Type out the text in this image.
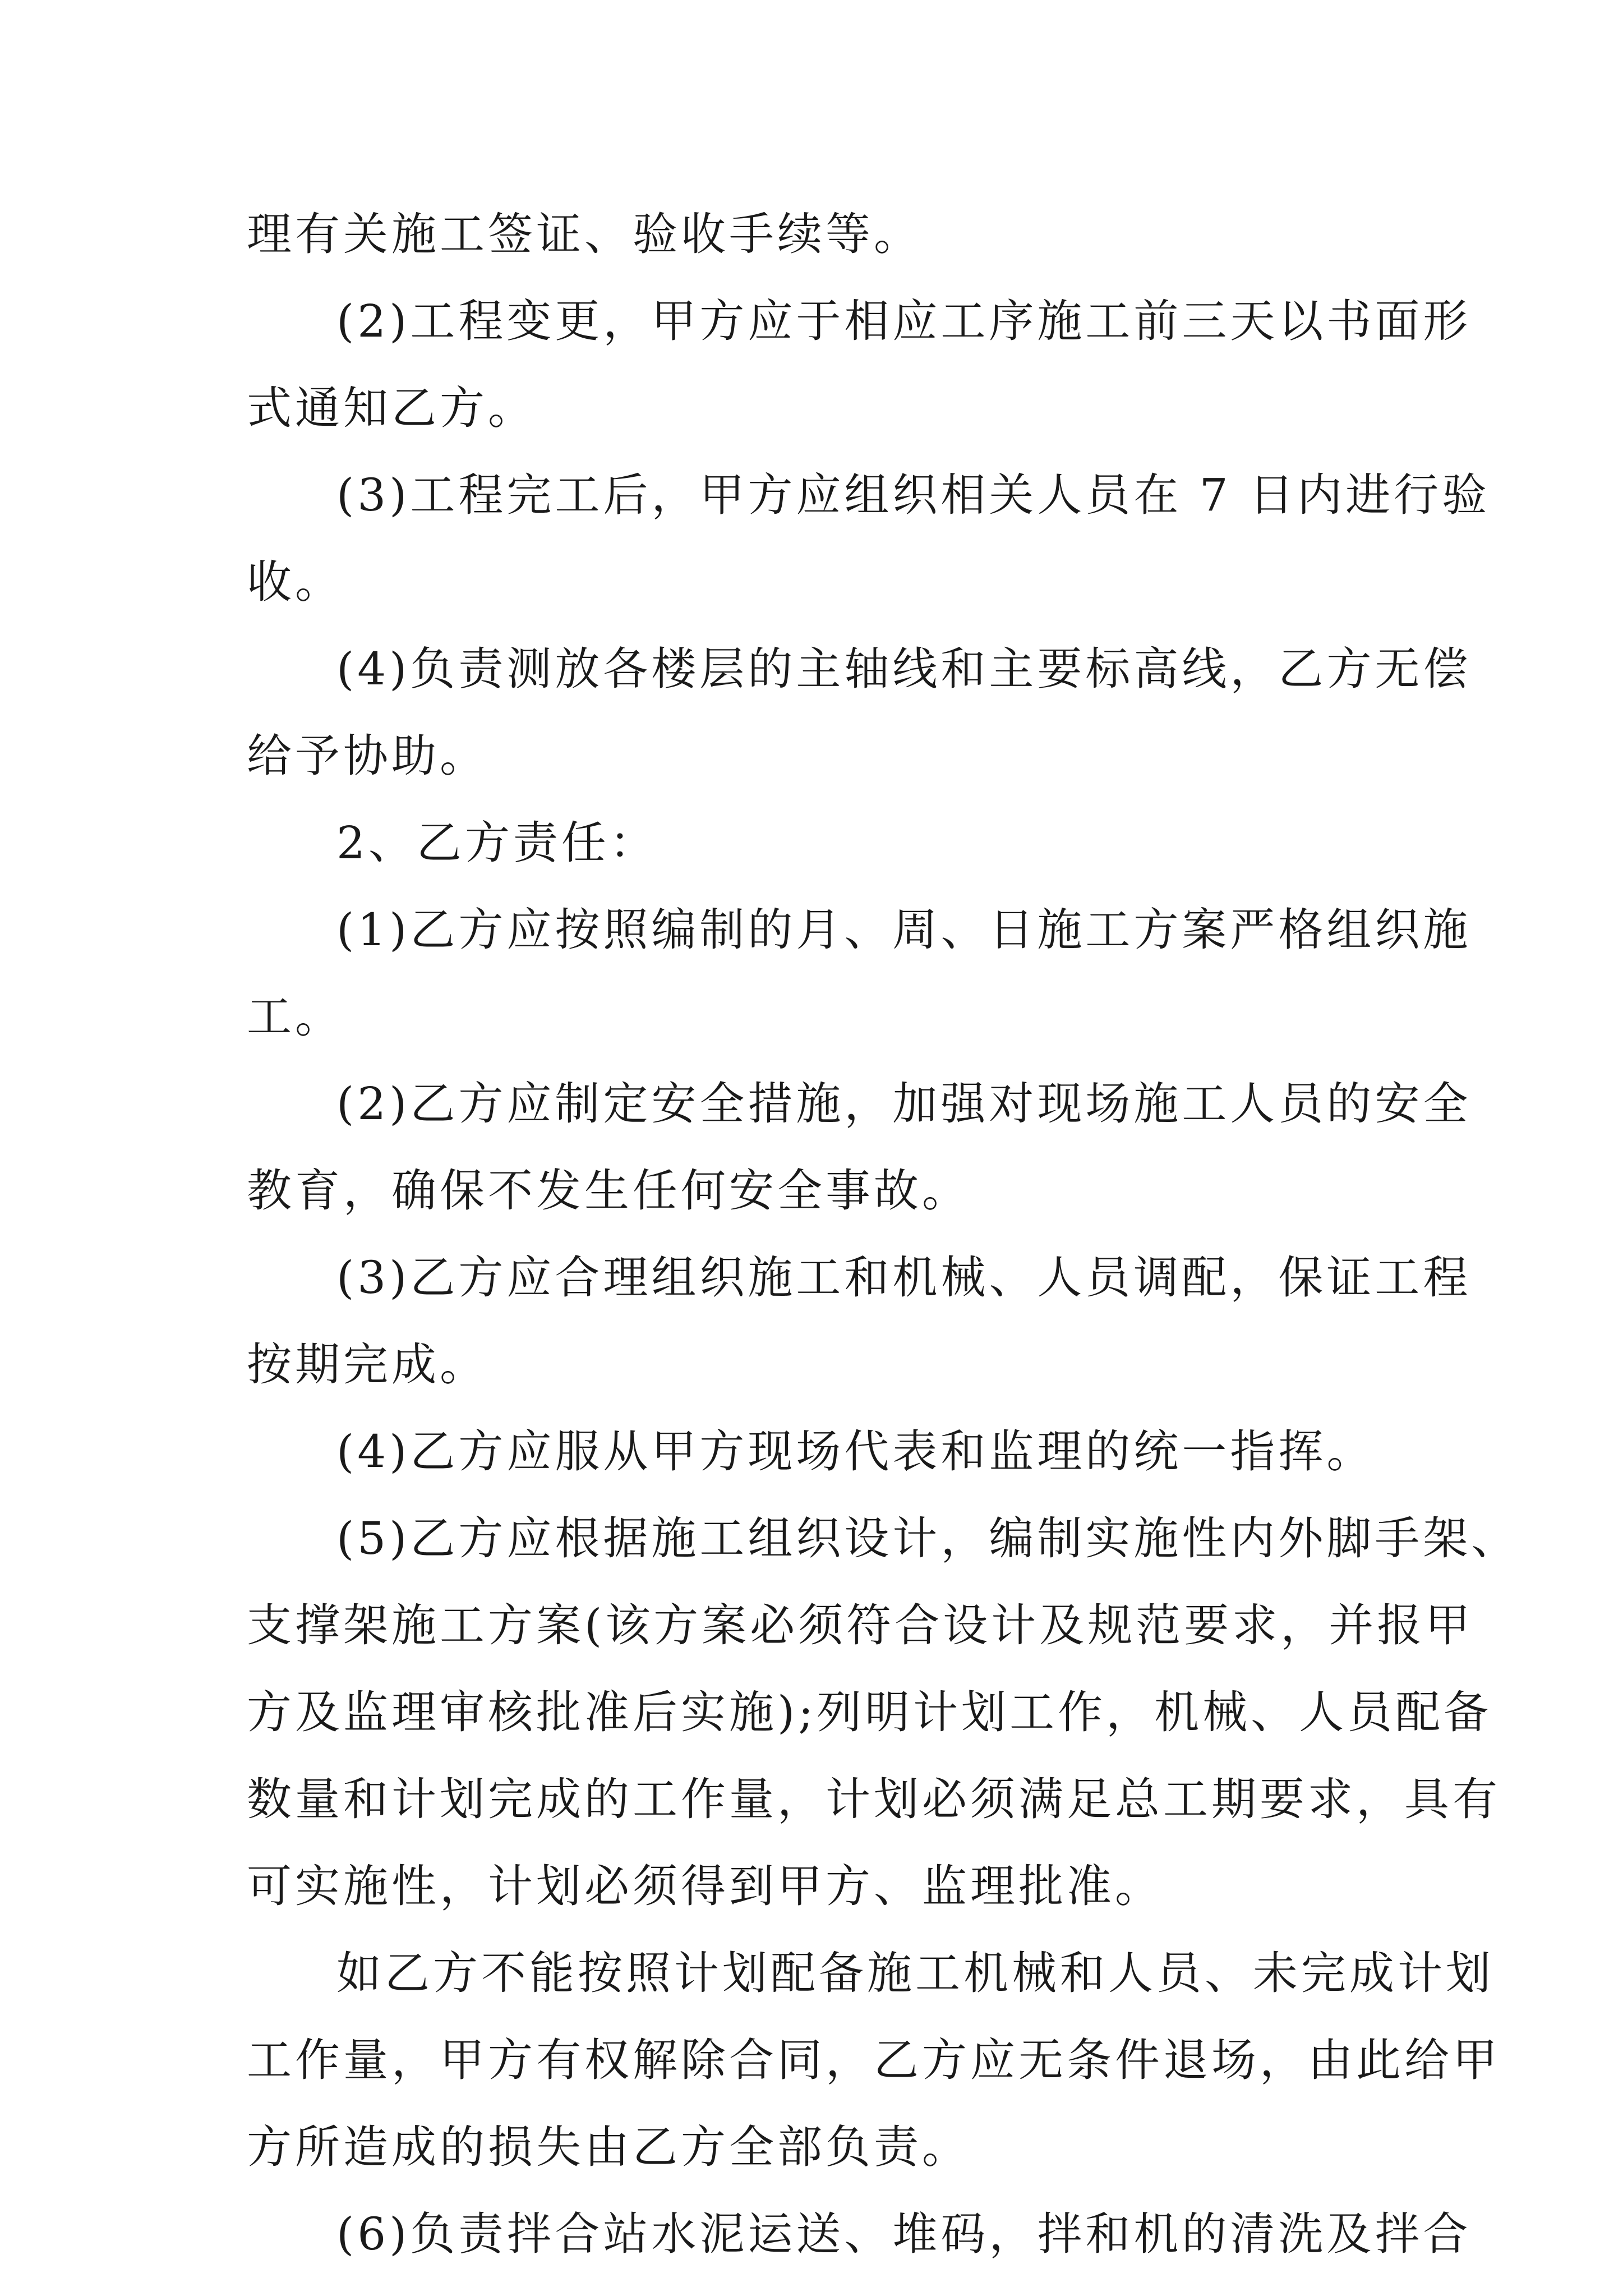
理有关施工签证、验收手续等。

(2)工程变更，甲方应于相应工序施工前三天以书面形

式通知乙方。

(3)工程完工后，甲方应组织相关人员在 7 日内进行验

收。

(4)负责测放各楼层的主轴线和主要标高线，乙方无偿

给予协助。

2、乙方责任：

(1)乙方应按照编制的月、周、日施工方案严格组织施

工。

(2)乙方应制定安全措施，加强对现场施工人员的安全

教育，确保不发生任何安全事故。

(3)乙方应合理组织施工和机械、人员调配，保证工程

按期完成。

(4)乙方应服从甲方现场代表和监理的统一指挥。

(5)乙方应根据施工组织设计，编制实施性内外脚手架、

支撑架施工方案(该方案必须符合设计及规范要求，并报甲

方及监理审核批准后实施);列明计划工作，机械、人员配备

数量和计划完成的工作量，计划必须满足总工期要求，具有

可实施性，计划必须得到甲方、监理批准。

如乙方不能按照计划配备施工机械和人员、未完成计划

工作量，甲方有权解除合同，乙方应无条件退场，由此给甲

方所造成的损失由乙方全部负责。

(6)负责拌合站水泥运送、堆码，拌和机的清洗及拌合
